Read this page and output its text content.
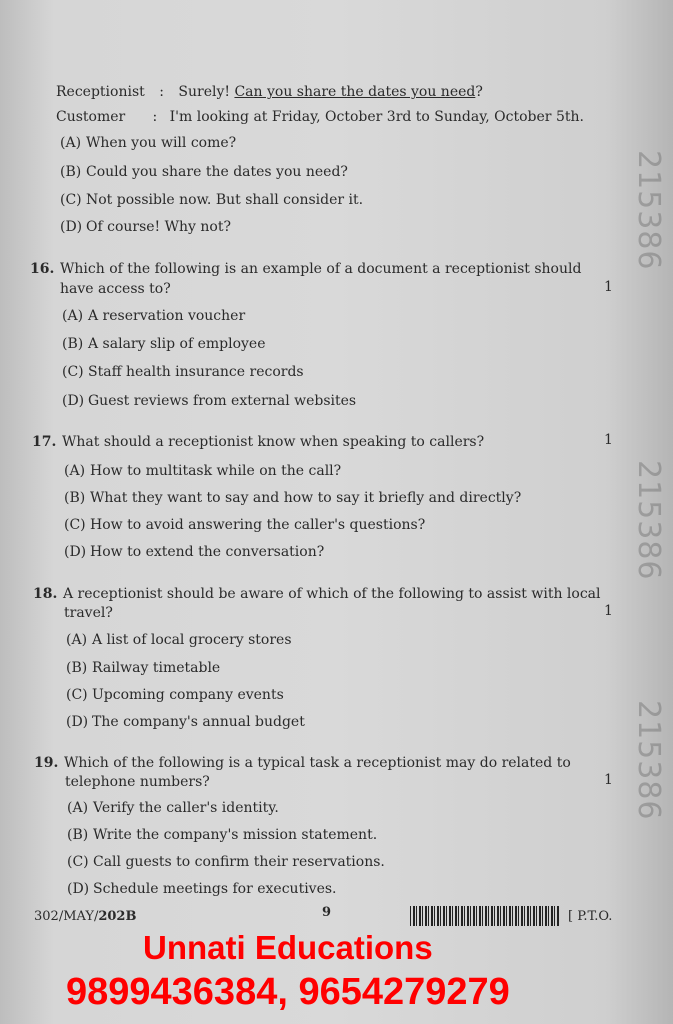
Receptionist : Surely! Can you share the dates you need?
Customer : I'm looking at Friday, October 3rd to Sunday, October 5th.
(A) When you will come?
(B) Could you share the dates you need?
(C) Not possible now. But shall consider it.
(D) Of course! Why not?
16. Which of the following is an example of a document a receptionist should
have access to?	1
(A) A reservation voucher
(B) A salary slip of employee
(C) Staff health insurance records
(D) Guest reviews from external websites
17. What should a receptionist know when speaking to callers?	1
(A) How to multitask while on the call?
(B) What they want to say and how to say it briefly and directly?
(C) How to avoid answering the caller's questions?
(D) How to extend the conversation?
18. A receptionist should be aware of which of the following to assist with local
travel?	1
(A) A list of local grocery stores
(B) Railway timetable
(C) Upcoming company events
(D) The company's annual budget
19. Which of the following is a typical task a receptionist may do related to
telephone numbers?	1
(A) Verify the caller's identity.
(B) Write the company's mission statement.
(C) Call guests to confirm their reservations.
(D) Schedule meetings for executives.
215386
215386
215386
302/MAY/202B	9	[ P.T.O.
Unnati Educations
9899436384, 9654279279
